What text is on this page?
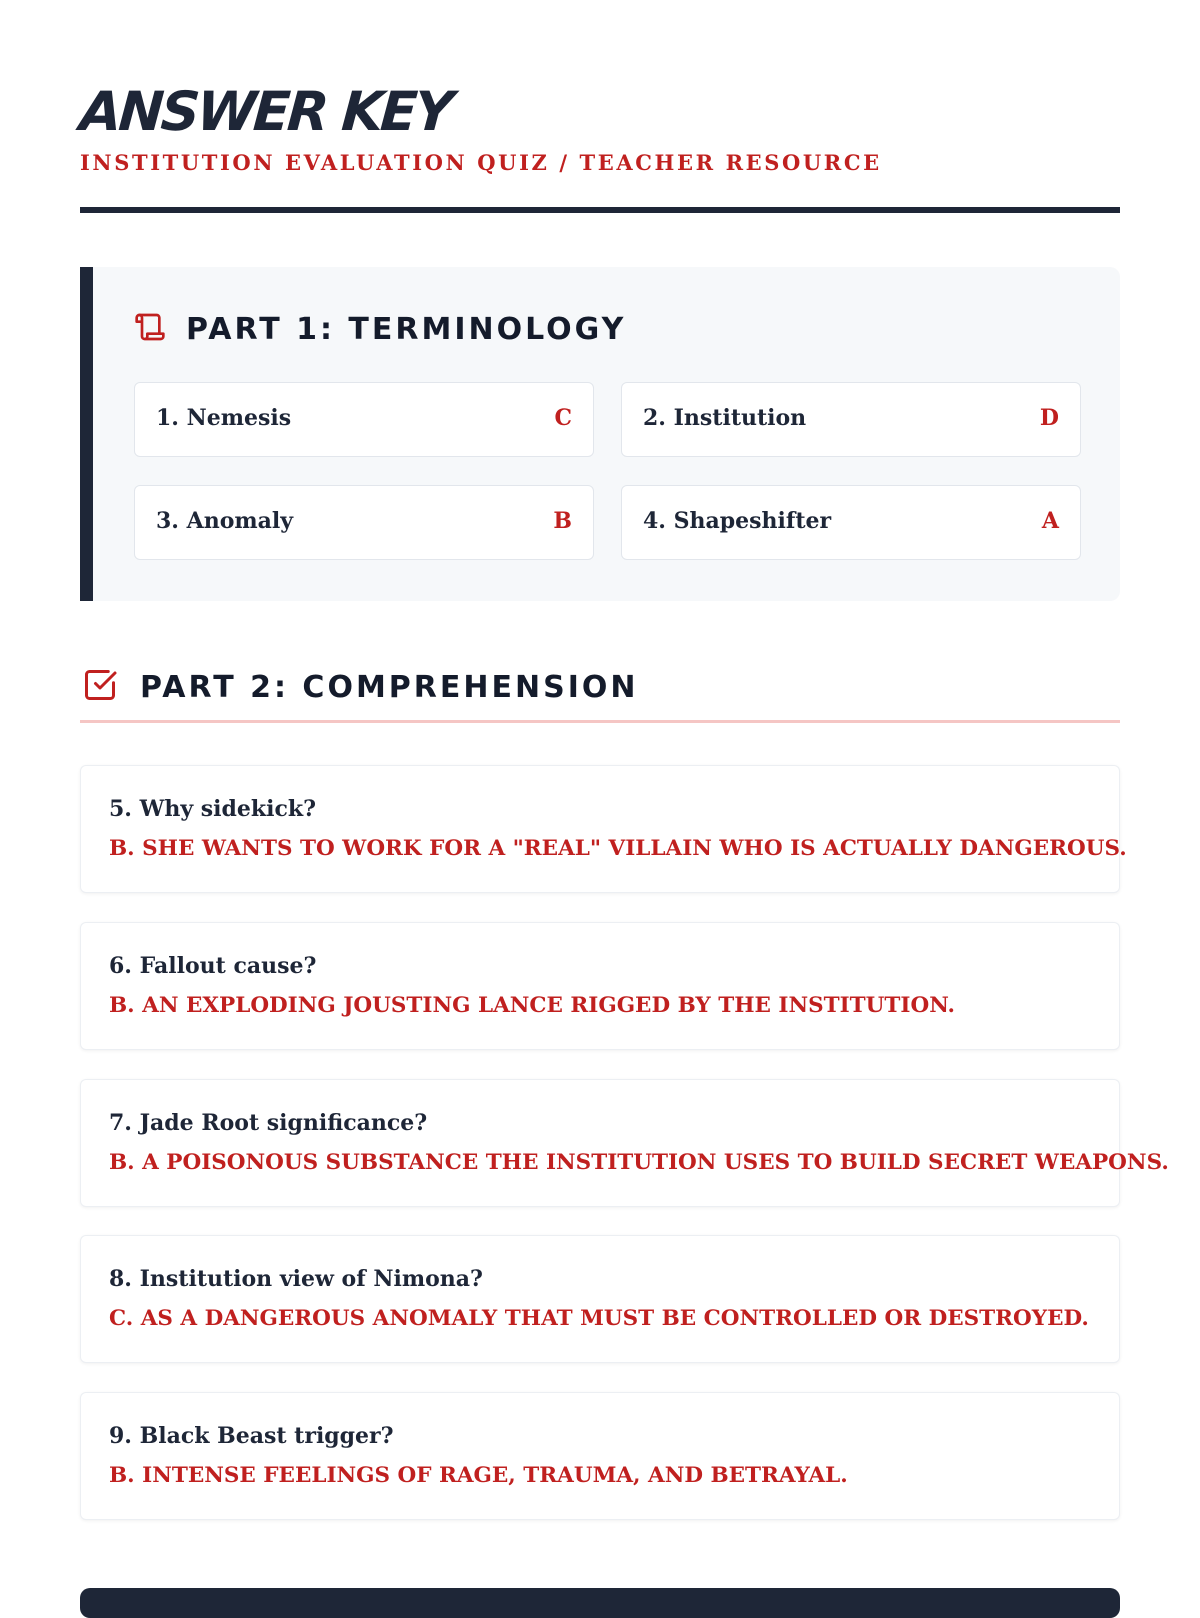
ANSWER KEY
INSTITUTION EVALUATION QUIZ / TEACHER RESOURCE
PART 1: TERMINOLOGY
1. Nemesis	C	2. Institution	D
3. Anomaly	B	4. Shapeshifter	A
PART 2: COMPREHENSION
5. Why sidekick?
B. SHE WANTS TO WORK FOR A "REAL" VILLAIN WHO IS ACTUALLY DANGEROUS.
6. Fallout cause?
B. AN EXPLODING JOUSTING LANCE RIGGED BY THE INSTITUTION.
7. Jade Root significance?
B. A POISONOUS SUBSTANCE THE INSTITUTION USES TO BUILD SECRET WEAPONS.
8. Institution view of Nimona?
C. AS A DANGEROUS ANOMALY THAT MUST BE CONTROLLED OR DESTROYED.
9. Black Beast trigger?
B. INTENSE FEELINGS OF RAGE, TRAUMA, AND BETRAYAL.
